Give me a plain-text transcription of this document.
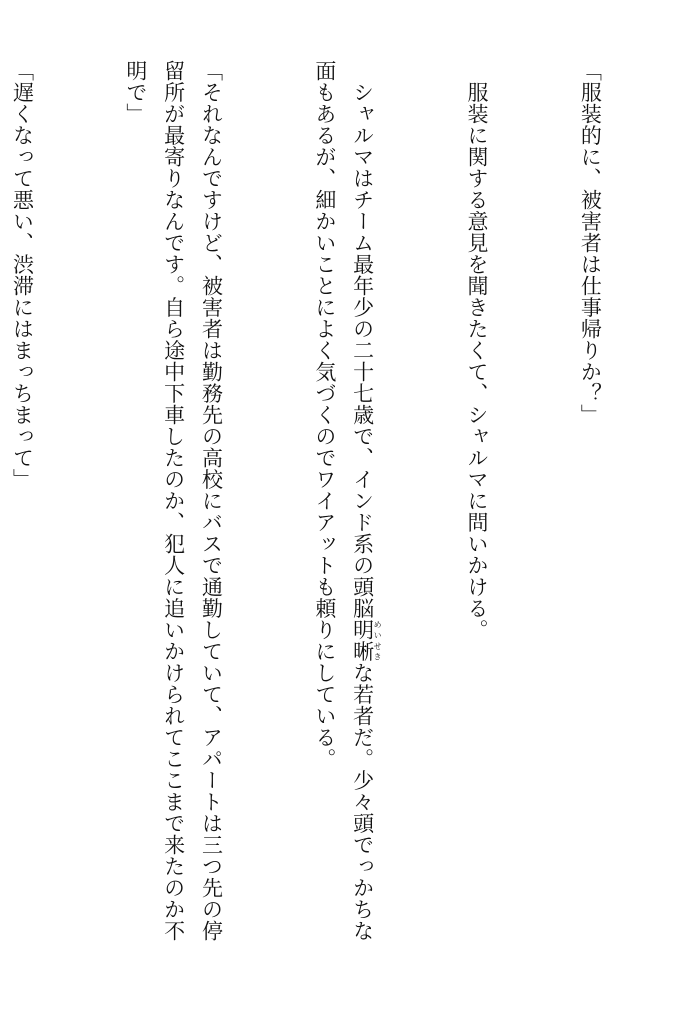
「服装的に、被害者は仕事帰りか？」

　服装に関する意見を聞きたくて、シャルマに問いかける。

　シャルマはチーム最年少の二十七歳で、インド系の頭脳明晰めいせきな若者だ。少々頭でっかちな面もあるが、細かいことによく気づくのでワイアットも頼りにしている。

「それなんですけど、被害者は勤務先の高校にバスで通勤していて、アパートは三つ先の停留所が最寄りなんです。自ら途中下車したのか、犯人に追いかけられてここまで来たのか不明で」

「遅くなって悪い、渋滞にはまっちまって」
